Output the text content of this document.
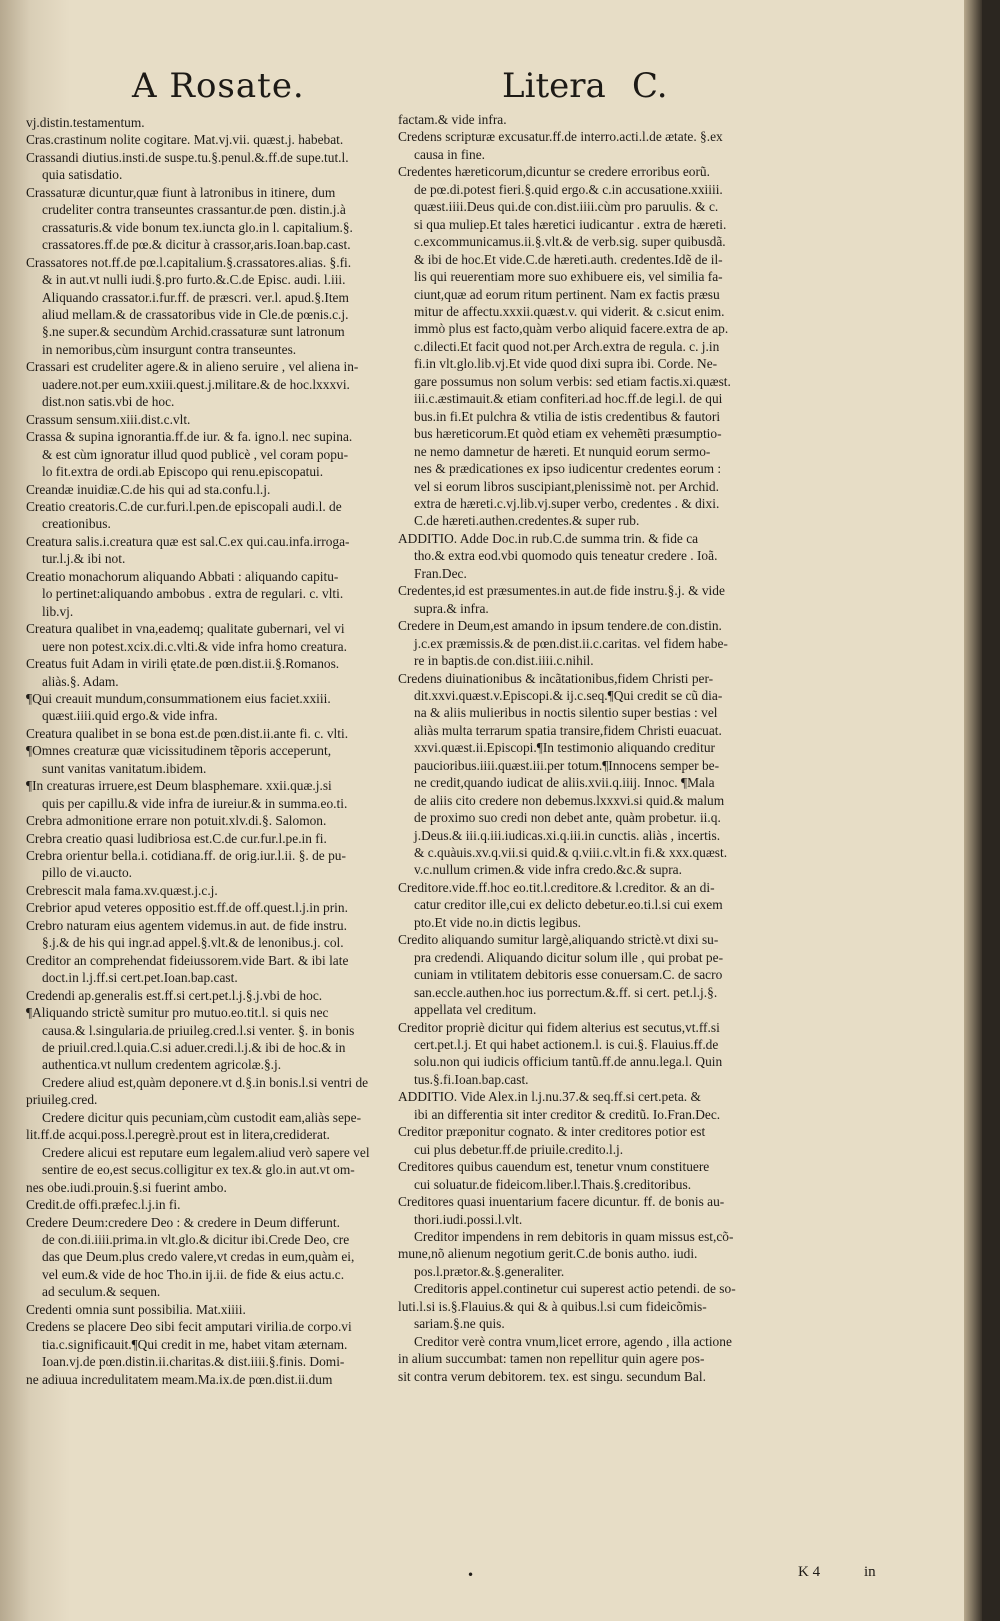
A Rosate.	Litera C.
vj.distin.testamentum.
Cras.crastinum nolite cogitare. Mat.vj.vii. quæst.j. habebat.
Crassandi diutius.insti.de suspe.tu.§.penul.&.ff.de supe.tut.l.
quia satisdatio.
Crassaturæ dicuntur,quæ fiunt à latronibus in itinere, dum
crudeliter contra transeuntes crassantur.de pœn. distin.j.à
crassaturis.& vide bonum tex.iuncta glo.in l. capitalium.§.
crassatores.ff.de pœ.& dicitur à crassor,aris.Ioan.bap.cast.
Crassatores not.ff.de pœ.l.capitalium.§.crassatores.alias. §.fi.
& in aut.vt nulli iudi.§.pro furto.&.C.de Episc. audi. l.iii.
Aliquando crassator.i.fur.ff. de præscri. ver.l. apud.§.Item
aliud mellam.& de crassatoribus vide in Cle.de pœnis.c.j.
§.ne super.& secundùm Archid.crassaturæ sunt latronum
in nemoribus,cùm insurgunt contra transeuntes.
Crassari est crudeliter agere.& in alieno seruire , vel aliena in-
uadere.not.per eum.xxiii.quest.j.militare.& de hoc.lxxxvi.
dist.non satis.vbi de hoc.
Crassum sensum.xiii.dist.c.vlt.
Crassa & supina ignorantia.ff.de iur. & fa. igno.l. nec supina.
& est cùm ignoratur illud quod publicè , vel coram popu-
lo fit.extra de ordi.ab Episcopo qui renu.episcopatui.
Creandæ inuidiæ.C.de his qui ad sta.confu.l.j.
Creatio creatoris.C.de cur.furi.l.pen.de episcopali audi.l. de
creationibus.
Creatura salis.i.creatura quæ est sal.C.ex qui.cau.infa.irroga-
tur.l.j.& ibi not.
Creatio monachorum aliquando Abbati : aliquando capitu-
lo pertinet:aliquando ambobus . extra de regulari. c. vlti.
lib.vj.
Creatura qualibet in vna,eademq; qualitate gubernari, vel vi
uere non potest.xcix.di.c.vlti.& vide infra homo creatura.
Creatus fuit Adam in virili ętate.de pœn.dist.ii.§.Romanos.
aliàs.§. Adam.
¶Qui creauit mundum,consummationem eius faciet.xxiii.
quæst.iiii.quid ergo.& vide infra.
Creatura qualibet in se bona est.de pœn.dist.ii.ante fi. c. vlti.
¶Omnes creaturæ quæ vicissitudinem tẽporis acceperunt,
sunt vanitas vanitatum.ibidem.
¶In creaturas irruere,est Deum blasphemare. xxii.quæ.j.si
quis per capillu.& vide infra de iureiur.& in summa.eo.ti.
Crebra admonitione errare non potuit.xlv.di.§. Salomon.
Crebra creatio quasi ludibriosa est.C.de cur.fur.l.pe.in fi.
Crebra orientur bella.i. cotidiana.ff. de orig.iur.l.ii. §. de pu-
pillo de vi.aucto.
Crebrescit mala fama.xv.quæst.j.c.j.
Crebrior apud veteres oppositio est.ff.de off.quest.l.j.in prin.
Crebro naturam eius agentem videmus.in aut. de fide instru.
§.j.& de his qui ingr.ad appel.§.vlt.& de lenonibus.j. col.
Creditor an comprehendat fideiussorem.vide Bart. & ibi late
doct.in l.j.ff.si cert.pet.Ioan.bap.cast.
Credendi ap.generalis est.ff.si cert.pet.l.j.§.j.vbi de hoc.
¶Aliquando strictè sumitur pro mutuo.eo.tit.l. si quis nec
causa.& l.singularia.de priuileg.cred.l.si venter. §. in bonis
de priuil.cred.l.quia.C.si aduer.credi.l.j.& ibi de hoc.& in
authentica.vt nullum credentem agricolæ.§.j.
Credere aliud est,quàm deponere.vt d.§.in bonis.l.si ventri de
priuileg.cred.
Credere dicitur quis pecuniam,cùm custodit eam,aliàs sepe-
lit.ff.de acqui.poss.l.peregrè.prout est in litera,crediderat.
Credere alicui est reputare eum legalem.aliud verò sapere vel
sentire de eo,est secus.colligitur ex tex.& glo.in aut.vt om-
nes obe.iudi.prouin.§.si fuerint ambo.
Credit.de offi.præfec.l.j.in fi.
Credere Deum:credere Deo : & credere in Deum differunt.
de con.di.iiii.prima.in vlt.glo.& dicitur ibi.Crede Deo, cre
das que Deum.plus credo valere,vt credas in eum,quàm ei,
vel eum.& vide de hoc Tho.in ij.ii. de fide & eius actu.c.
ad seculum.& sequen.
Credenti omnia sunt possibilia. Mat.xiiii.
Credens se placere Deo sibi fecit amputari virilia.de corpo.vi
tia.c.significauit.¶Qui credit in me, habet vitam æternam.
Ioan.vj.de pœn.distin.ii.charitas.& dist.iiii.§.finis. Domi-
ne adiuua incredulitatem meam.Ma.ix.de pœn.dist.ii.dum
factam.& vide infra.
Credens scripturæ excusatur.ff.de interro.acti.l.de ætate. §.ex
causa in fine.
Credentes hæreticorum,dicuntur se credere erroribus eorũ.
de pœ.di.potest fieri.§.quid ergo.& c.in accusatione.xxiiii.
quæst.iiii.Deus qui.de con.dist.iiii.cùm pro paruulis. & c.
si qua muliер.Et tales hæretici iudicantur . extra de hæreti.
c.excommunicamus.ii.§.vlt.& de verb.sig. super quibusdã.
& ibi de hoc.Et vide.C.de hæreti.auth. credentes.Idẽ de il-
lis qui reuerentiam more suo exhibuere eis, vel similia fa-
ciunt,quæ ad eorum ritum pertinent. Nam ex factis præsu
mitur de affectu.xxxii.quæst.v. qui viderit. & c.sicut enim.
immò plus est facto,quàm verbo aliquid facere.extra de ap.
c.dilecti.Et facit quod not.per Arch.extra de regula. c. j.in
fi.in vlt.glo.lib.vj.Et vide quod dixi supra ibi. Corde. Ne-
gare possumus non solum verbis: sed etiam factis.xi.quæst.
iii.c.æstimauit.& etiam confiteri.ad hoc.ff.de legi.l. de qui
bus.in fi.Et pulchra & vtilia de istis credentibus & fautori
bus hæreticorum.Et quòd etiam ex vehemẽti præsumptio-
ne nemo damnetur de hæreti. Et nunquid eorum sermo-
nes & prædicationes ex ipso iudicentur credentes eorum :
vel si eorum libros suscipiant,plenissimè not. per Archid.
extra de hæreti.c.vj.lib.vj.super verbo, credentes . & dixi.
C.de hæreti.authen.credentes.& super rub.
ADDITIO. Adde Doc.in rub.C.de summa trin. & fide ca
tho.& extra eod.vbi quomodo quis teneatur credere . Ioã.
Fran.Dec.
Credentes,id est præsumentes.in aut.de fide instru.§.j. & vide
supra.& infra.
Credere in Deum,est amando in ipsum tendere.de con.distin.
j.c.ex præmissis.& de pœn.dist.ii.c.caritas. vel fidem habe-
re in baptis.de con.dist.iiii.c.nihil.
Credens diuinationibus & incãtationibus,fidem Christi per-
dit.xxvi.quæst.v.Episcopi.& ij.c.seq.¶Qui credit se cũ dia-
na & aliis mulieribus in noctis silentio super bestias : vel
aliàs multa terrarum spatia transire,fidem Christi euacuat.
xxvi.quæst.ii.Episcopi.¶In testimonio aliquando creditur
paucioribus.iiii.quæst.iii.per totum.¶Innocens semper be-
ne credit,quando iudicat de aliis.xvii.q.iiij. Innoc. ¶Mala
de aliis cito credere non debemus.lxxxvi.si quid.& malum
de proximo suo credi non debet ante, quàm probetur. ii.q.
j.Deus.& iii.q.iii.iudicas.xi.q.iii.in cunctis. aliàs , incertis.
& c.quàuis.xv.q.vii.si quid.& q.viii.c.vlt.in fi.& xxx.quæst.
v.c.nullum crimen.& vide infra credo.&c.& supra.
Creditore.vide.ff.hoc eo.tit.l.creditore.& l.creditor. & an di-
catur creditor ille,cui ex delicto debetur.eo.ti.l.si cui exem
pto.Et vide no.in dictis legibus.
Credito aliquando sumitur largè,aliquando strictè.vt dixi su-
pra credendi. Aliquando dicitur solum ille , qui probat pe-
cuniam in vtilitatem debitoris esse conuersam.C. de sacro
san.eccle.authen.hoc ius porrectum.&.ff. si cert. pet.l.j.§.
appellata vel creditum.
Creditor propriè dicitur qui fidem alterius est secutus,vt.ff.si
cert.pet.l.j. Et qui habet actionem.l. is cui.§. Flauius.ff.de
solu.non qui iudicis officium tantũ.ff.de annu.lega.l. Quin
tus.§.fi.Ioan.bap.cast.
ADDITIO. Vide Alex.in l.j.nu.37.& seq.ff.si cert.peta. &
ibi an differentia sit inter creditor & creditũ. Io.Fran.Dec.
Creditor præponitur cognato. & inter creditores potior est
cui plus debetur.ff.de priuile.credito.l.j.
Creditores quibus cauendum est, tenetur vnum constituere
cui soluatur.de fideicom.liber.l.Thais.§.creditoribus.
Creditores quasi inuentarium facere dicuntur. ff. de bonis au-
thori.iudi.possi.l.vlt.
Creditor impendens in rem debitoris in quam missus est,cõ-
mune,nõ alienum negotium gerit.C.de bonis autho. iudi.
pos.l.prætor.&.§.generaliter.
Creditoris appel.continetur cui superest actio petendi. de so-
luti.l.si is.§.Flauius.& qui & à quibus.l.si cum fideicõmis-
sariam.§.ne quis.
Creditor verè contra vnum,licet errore, agendo , illa actione
in alium succumbat: tamen non repellitur quin agere pos-
sit contra verum debitorem. tex. est singu. secundum Bal.
•	K 4	in
